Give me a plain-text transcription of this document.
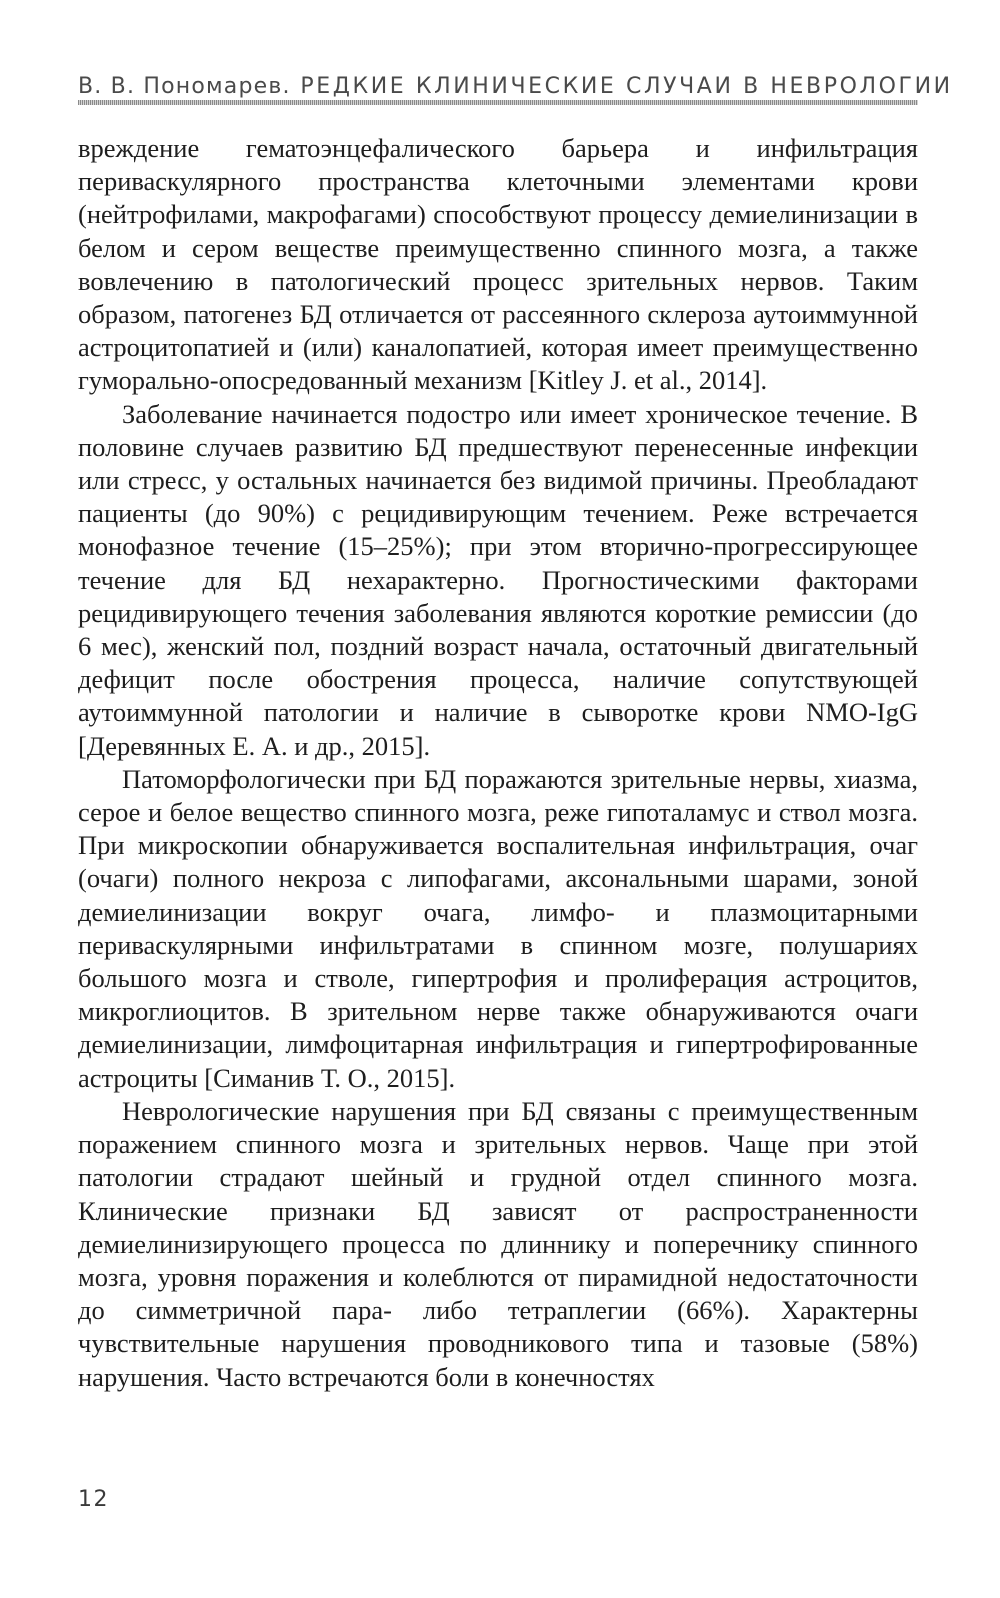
В. В. Пономарев. РЕДКИЕ КЛИНИЧЕСКИЕ СЛУЧАИ В НЕВРОЛОГИИ

вреждение гематоэнцефалического барьера и инфильтрация периваскулярного пространства клеточными элементами крови (нейтрофилами, макрофагами) способствуют процессу демиелинизации в белом и сером веществе преимущественно спинного мозга, а также вовлечению в патологический процесс зрительных нервов. Таким образом, патогенез БД отличается от рассеянного склероза аутоиммунной астроцитопатией и (или) каналопатией, которая имеет преимущественно гуморально-опосредованный механизм [Kitley J. et al., 2014].

Заболевание начинается подостро или имеет хроническое течение. В половине случаев развитию БД предшествуют перенесенные инфекции или стресс, у остальных начинается без видимой причины. Преобладают пациенты (до 90%) с рецидивирующим течением. Реже встречается монофазное течение (15–25%); при этом вторично-прогрессирующее течение для БД нехарактерно. Прогностическими факторами рецидивирующего течения заболевания являются короткие ремиссии (до 6 мес), женский пол, поздний возраст начала, остаточный двигательный дефицит после обострения процесса, наличие сопутствующей аутоиммунной патологии и наличие в сыворотке крови NMO-IgG [Деревянных Е. А. и др., 2015].

Патоморфологически при БД поражаются зрительные нервы, хиазма, серое и белое вещество спинного мозга, реже гипоталамус и ствол мозга. При микроскопии обнаруживается воспалительная инфильтрация, очаг (очаги) полного некроза с липофагами, аксональными шарами, зоной демиелинизации вокруг очага, лимфо- и плазмоцитарными периваскулярными инфильтратами в спинном мозге, полушариях большого мозга и стволе, гипертрофия и пролиферация астроцитов, микроглиоцитов. В зрительном нерве также обнаруживаются очаги демиелинизации, лимфоцитарная инфильтрация и гипертрофированные астроциты [Симанив Т. О., 2015].

Неврологические нарушения при БД связаны с преимущественным поражением спинного мозга и зрительных нервов. Чаще при этой патологии страдают шейный и грудной отдел спинного мозга. Клинические признаки БД зависят от распространенности демиелинизирующего процесса по длиннику и поперечнику спинного мозга, уровня поражения и колеблются от пирамидной недостаточности до симметричной пара- либо тетраплегии (66%). Характерны чувствительные нарушения проводникового типа и тазовые (58%) нарушения. Часто встречаются боли в конечностях

12
